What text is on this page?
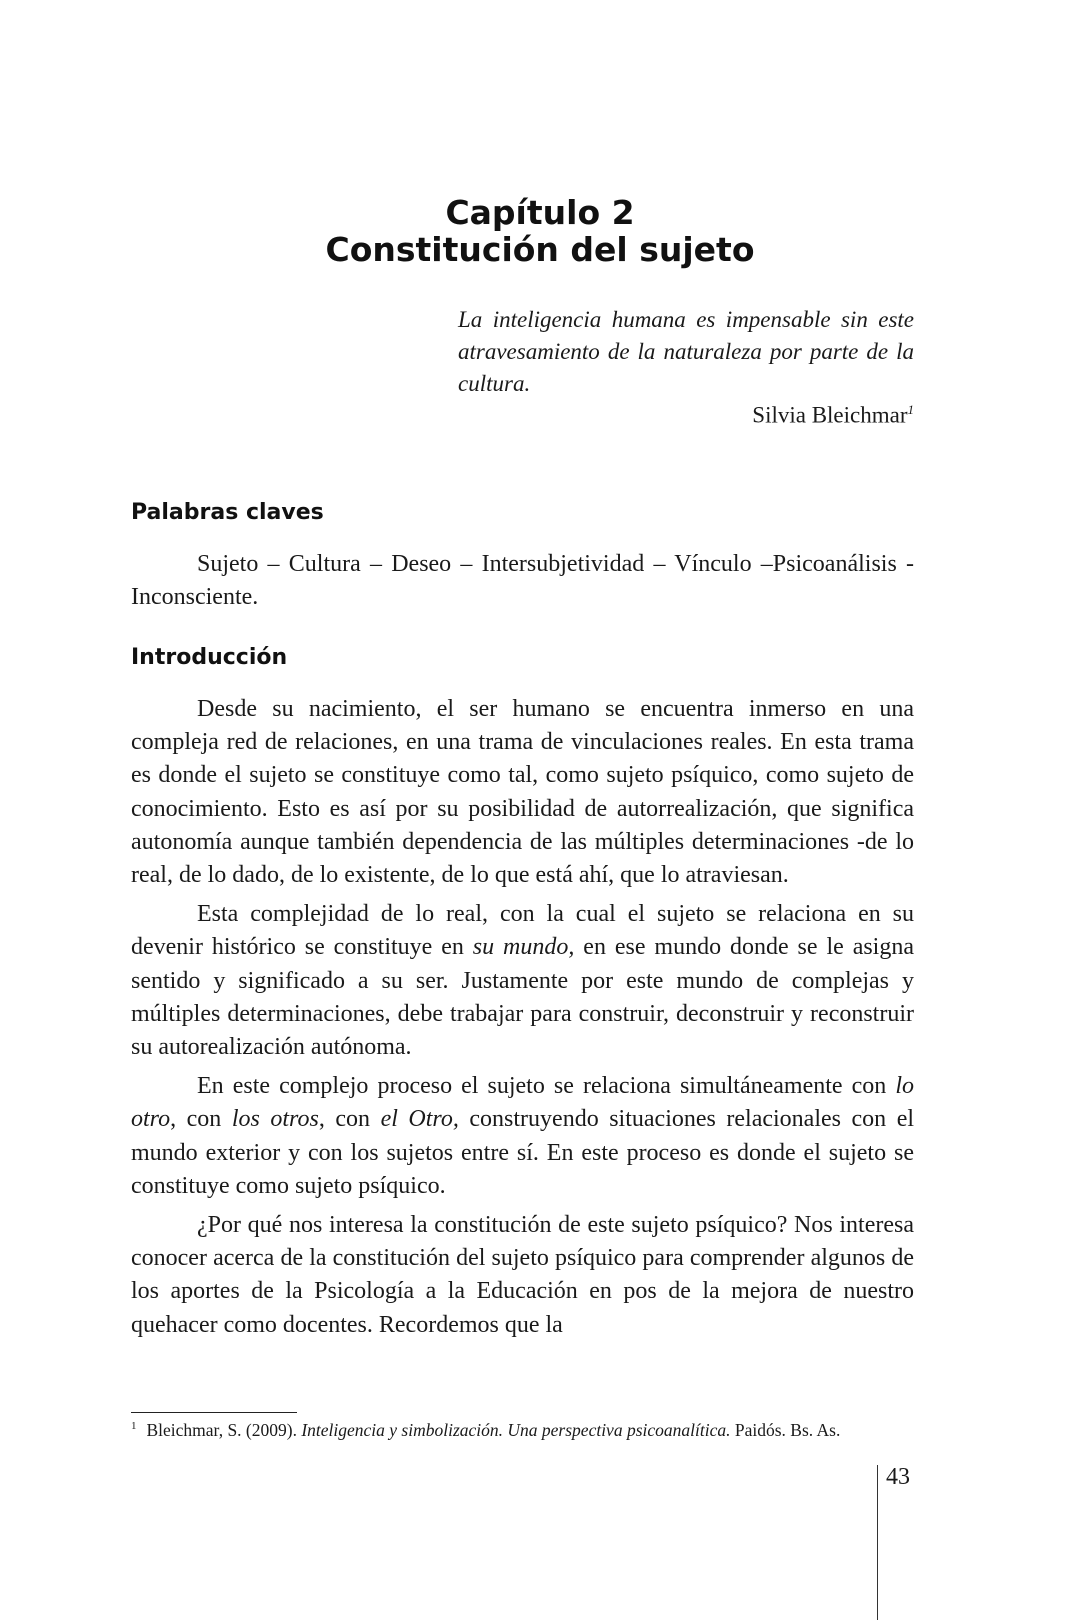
Capítulo 2
Constitución del sujeto
La inteligencia humana es impensable sin este atravesamiento de la naturaleza por parte de la cultura.
Silvia Bleichmar$^1$
Palabras claves

Sujeto – Cultura – Deseo – Intersubjetividad – Vínculo –Psicoanálisis - Inconsciente.

Introducción

Desde su nacimiento, el ser humano se encuentra inmerso en una compleja red de relaciones, en una trama de vinculaciones reales. En esta trama es donde el sujeto se constituye como tal, como sujeto psíquico, como sujeto de conocimiento. Esto es así por su posibilidad de autorrealización, que significa autonomía aunque también dependencia de las múltiples determinaciones -de lo real, de lo dado, de lo existente, de lo que está ahí, que lo atraviesan.

Esta complejidad de lo real, con la cual el sujeto se relaciona en su devenir histórico se constituye en su mundo, en ese mundo donde se le asigna sentido y significado a su ser. Justamente por este mundo de complejas y múltiples determinaciones, debe trabajar para construir, deconstruir y reconstruir su autorealización autónoma.

En este complejo proceso el sujeto se relaciona simultáneamente con lo otro, con los otros, con el Otro, construyendo situaciones relacionales con el mundo exterior y con los sujetos entre sí. En este proceso es donde el sujeto se constituye como sujeto psíquico.

¿Por qué nos interesa la constitución de este sujeto psíquico? Nos interesa conocer acerca de la constitución del sujeto psíquico para comprender algunos de los aportes de la Psicología a la Educación en pos de la mejora de nuestro quehacer como docentes. Recordemos que la

$^1$ Bleichmar, S. (2009). Inteligencia y simbolización. Una perspectiva psicoanalítica. Paidós. Bs. As.
43
